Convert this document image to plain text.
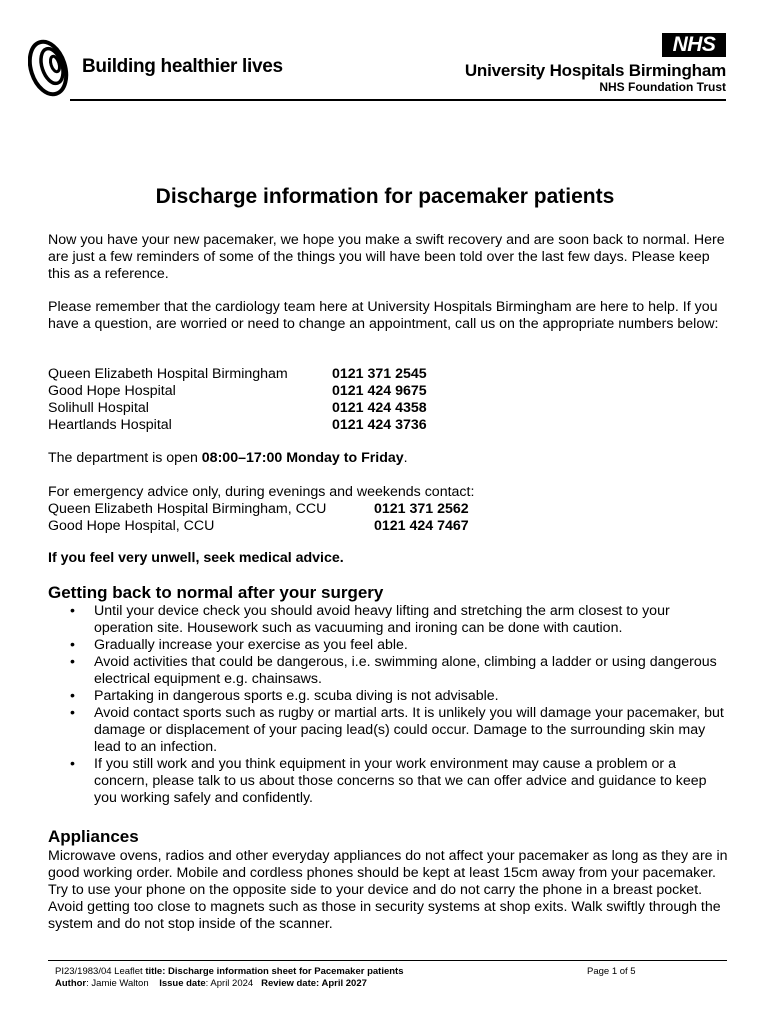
Building healthier lives
NHS
University Hospitals Birmingham
NHS Foundation Trust
Discharge information for pacemaker patients

Now you have your new pacemaker, we hope you make a swift recovery and are soon back to normal. Here are just a few reminders of some of the things you will have been told over the last few days. Please keep this as a reference.

Please remember that the cardiology team here at University Hospitals Birmingham are here to help. If you have a question, are worried or need to change an appointment, call us on the appropriate numbers below:

Queen Elizabeth Hospital Birmingham	0121 371 2545
Good Hope Hospital	0121 424 9675
Solihull Hospital	0121 424 4358
Heartlands Hospital	0121 424 3736

The department is open 08:00–17:00 Monday to Friday.

For emergency advice only, during evenings and weekends contact:
Queen Elizabeth Hospital Birmingham, CCU	0121 371 2562
Good Hope Hospital, CCU	0121 424 7467

If you feel very unwell, seek medical advice.

Getting back to normal after your surgery
• Until your device check you should avoid heavy lifting and stretching the arm closest to your operation site. Housework such as vacuuming and ironing can be done with caution.
• Gradually increase your exercise as you feel able.
• Avoid activities that could be dangerous, i.e. swimming alone, climbing a ladder or using dangerous electrical equipment e.g. chainsaws.
• Partaking in dangerous sports e.g. scuba diving is not advisable.
• Avoid contact sports such as rugby or martial arts. It is unlikely you will damage your pacemaker, but damage or displacement of your pacing lead(s) could occur. Damage to the surrounding skin may lead to an infection.
• If you still work and you think equipment in your work environment may cause a problem or a concern, please talk to us about those concerns so that we can offer advice and guidance to keep you working safely and confidently.
Appliances

Microwave ovens, radios and other everyday appliances do not affect your pacemaker as long as they are in good working order. Mobile and cordless phones should be kept at least 15cm away from your pacemaker. Try to use your phone on the opposite side to your device and do not carry the phone in a breast pocket. Avoid getting too close to magnets such as those in security systems at shop exits. Walk swiftly through the system and do not stop inside of the scanner.

PI23/1983/04 Leaflet title: Discharge information sheet for Pacemaker patients
Author: Jamie Walton Issue date: April 2024 Review date: April 2027
Page 1 of 5
